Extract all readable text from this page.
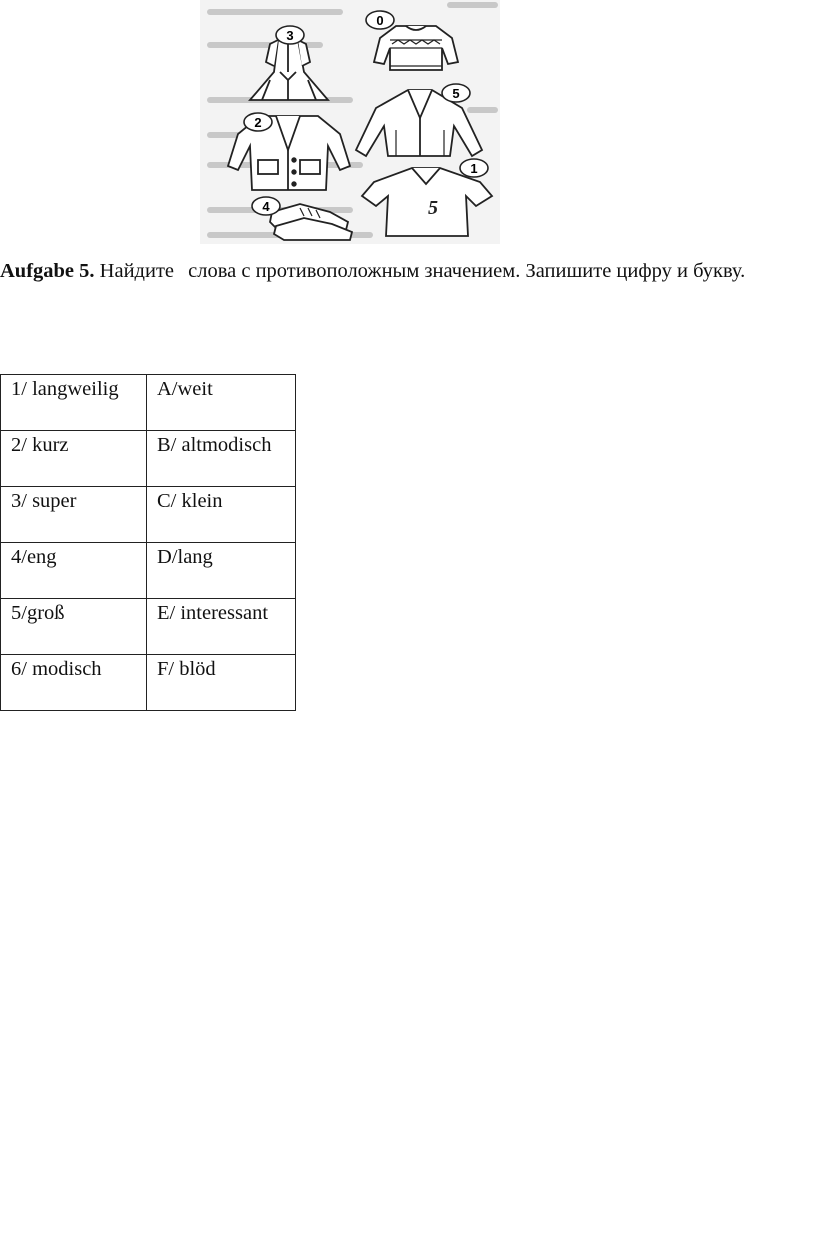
5
0
3
5
2
1
4
Aufgabe 5. Найдите слова с противоположным значением. Запишите цифру и букву.
1/ langweilig	A/weit
2/ kurz	B/ altmodisch
3/ super	C/ klein
4/eng	D/lang
5/groß	E/ interessant
6/ modisch	F/ blöd
